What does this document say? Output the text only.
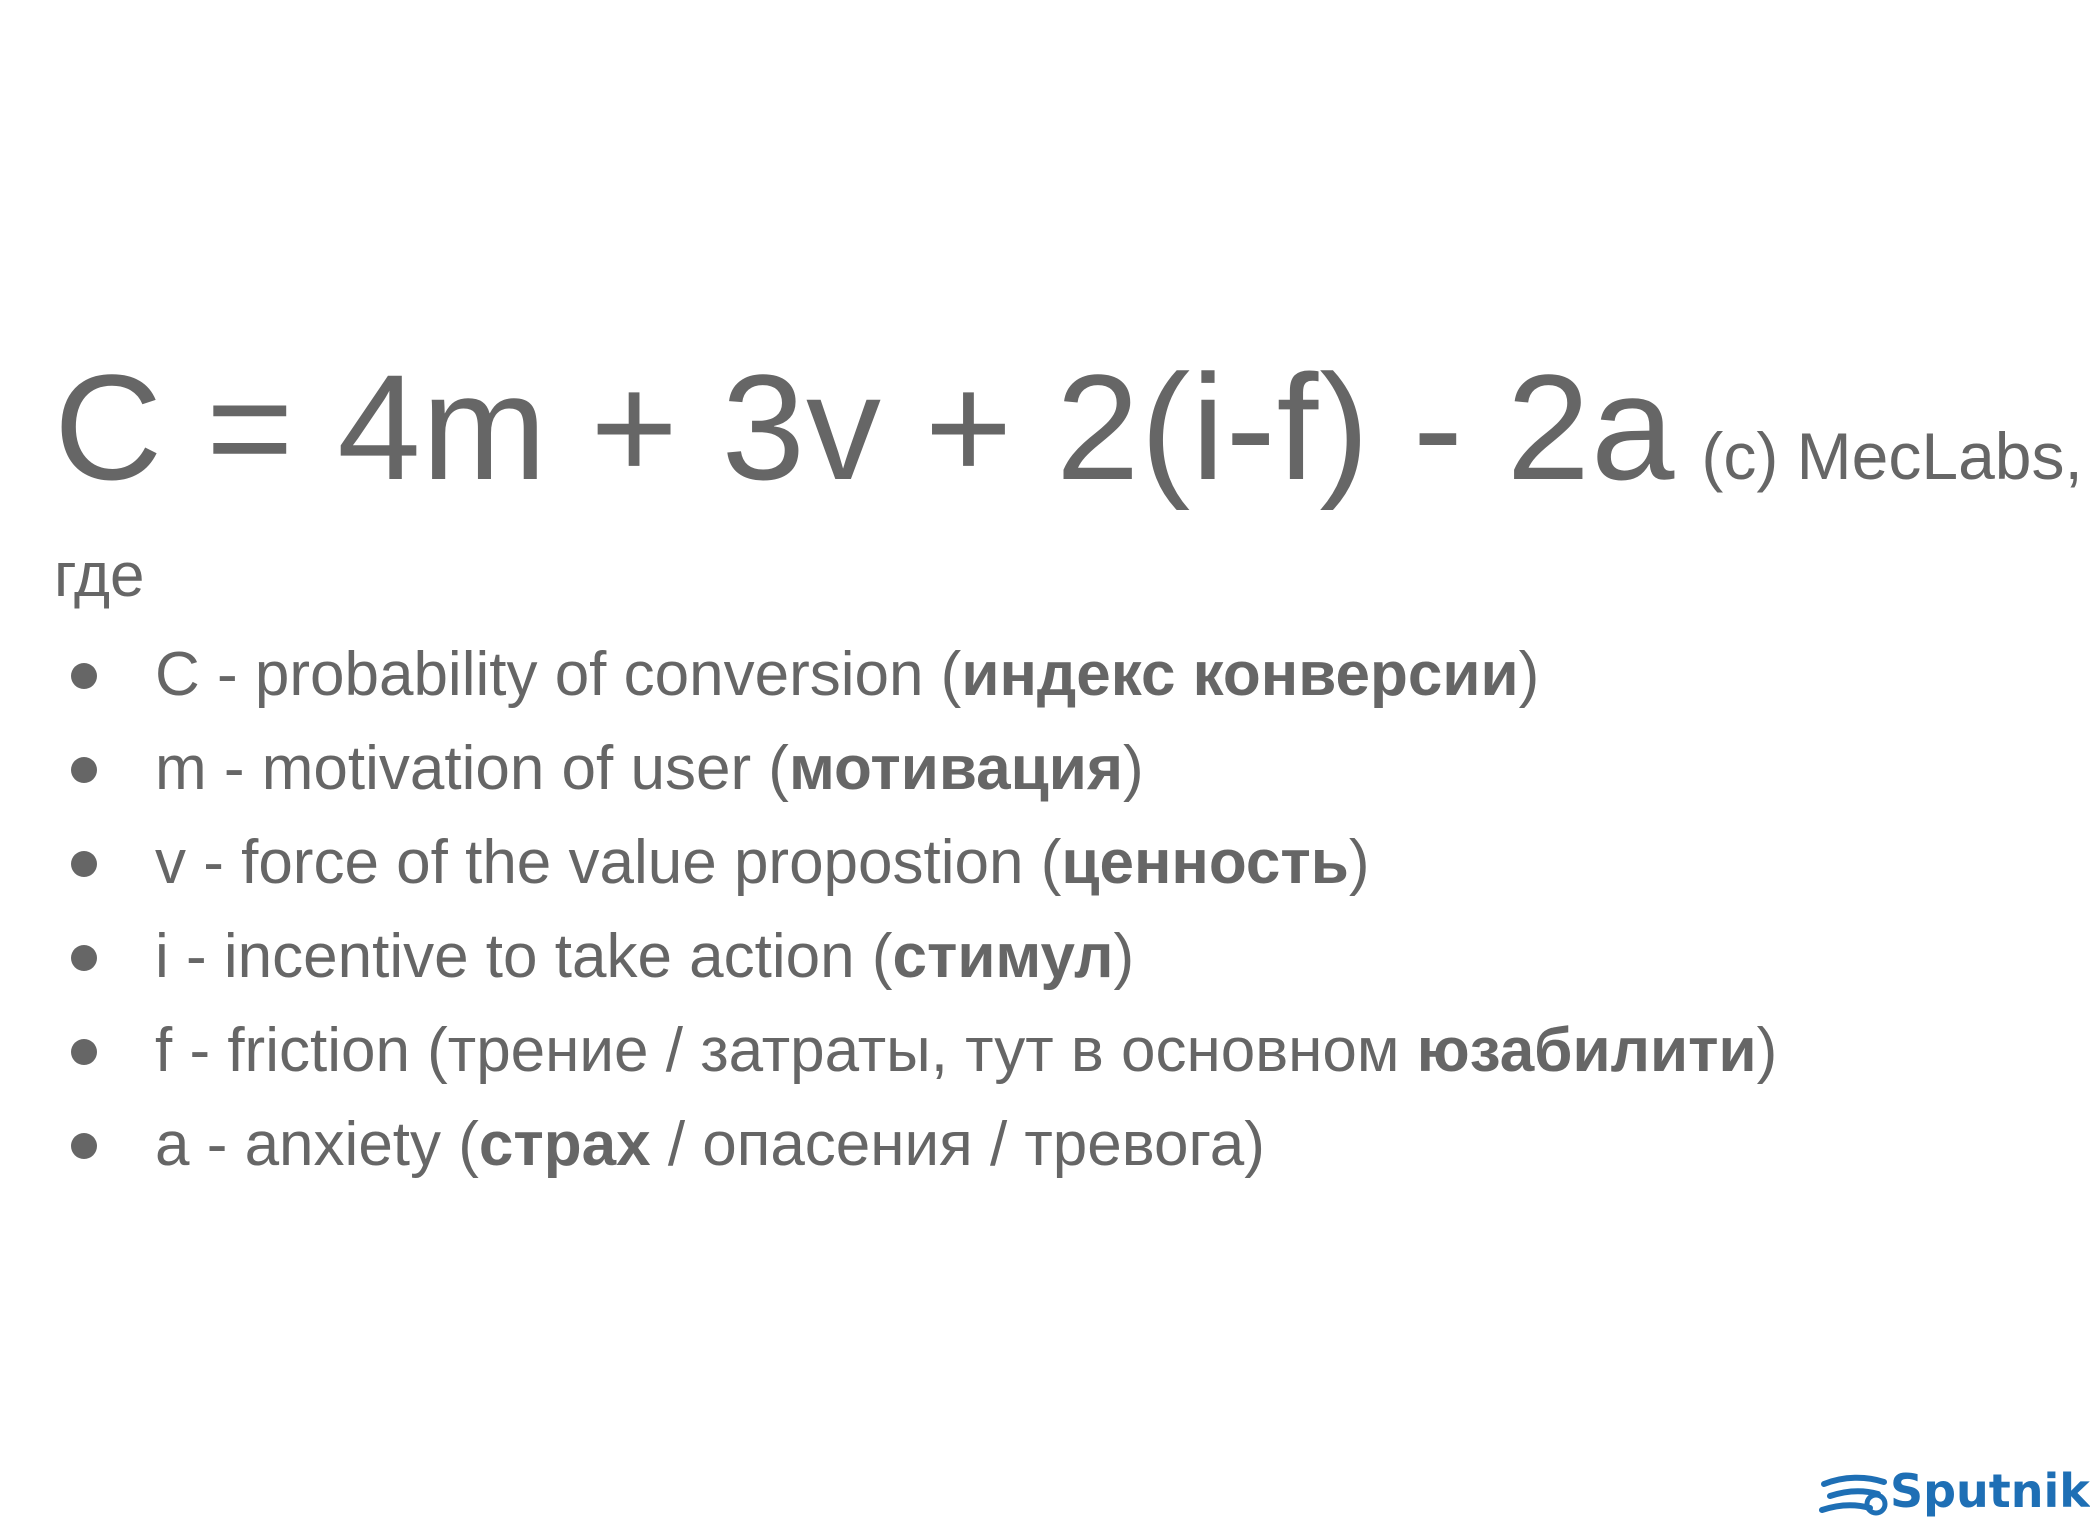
C = 4m + 3v + 2(i-f) - 2a (c) MecLabs,
где
C - probability of conversion (индекс конверсии)
m - motivation of user (мотивация)
v - force of the value propostion (ценность)
i - incentive to take action (стимул)
f - friction (трение / затраты, тут в основном юзабилити)
a - anxiety (страх / опасения / тревога)
Sputnik
